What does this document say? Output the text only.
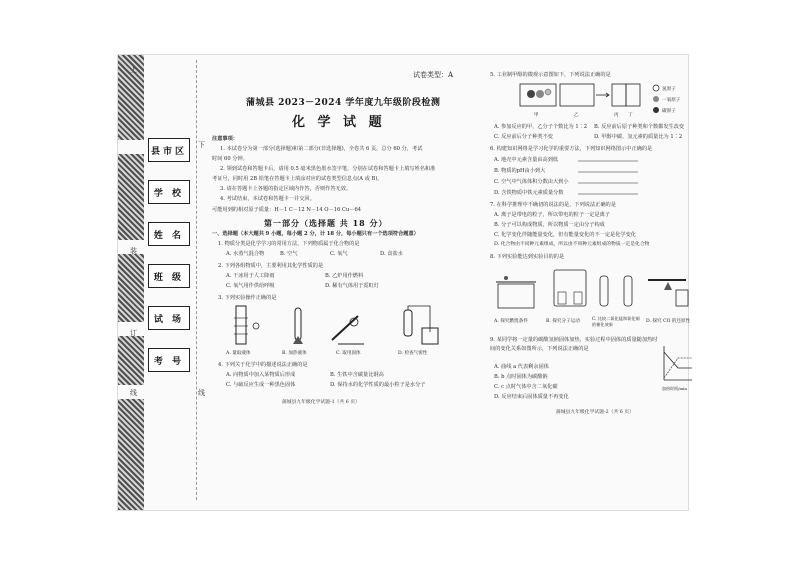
县市区
学 校
姓 名
班 级
试 场
考 号
上
下
装
订
线	线
试卷类型：A
蒲城县 2023－2024 学年度九年级阶段检测
化 学 试 题
注意事项：
1. 本试卷分为第一部分(选择题)和第二部分(非选择题)，全卷共 6 页，总分 60 分，考试
时间 60 分钟。
2. 领到试卷和答题卡后，请用 0.5 毫米黑色墨水签字笔，分别在试卷和答题卡上填写姓名和准
考证号，同时用 2B 铅笔在答题卡上填涂对应的试卷类型信息点(A 或 B)。
3. 请在答题卡上各题的指定区域内作答，否则作答无效。
4. 考试结束，本试卷和答题卡一并交回。
可能用到的相对原子质量：H－1 C－12 N－14 O－16 Cu－64
第一部分（选择题 共 18 分）
一、选择题（本大题共 9 小题，每小题 2 分，计 18 分，每小题只有一个选项符合题意）
1. 物质分类是化学学习的常用方法，下列物质属于化合物的是
A. 水蒸气混合物	B. 空气	C. 氧气	D. 食盐水
2. 下列各组物质中，主要利用其化学性质的是
A. 干冰用于人工降雨	B. 乙炉用作燃料
C. 氧气用作供给呼吸	D. 稀有气体用于霓虹灯
3. 下列实验操作正确的是
A. 量取液体	B. 加热液体	C. 取用固体	D. 检查气密性
4. 下列关于化学中的描述说法正确的是
A. 向物质中加入某物质后形成	B. 生铁中含碳量比钢高
C. 与硫反应生成一种黑色固体	D. 保持水的化学性质的最小粒子是水分子
蒲城县九年级化学试题-1（共 6 页）
5. 工业制甲醇的微观示意图如下，下列说法正确的是
甲	乙	丙 丁
氢原子
一氧原子
碳原子
A. 参加反应的甲、乙分子个数比为 1∶2 B. 反应前后原子种类和个数都发生改变
C. 反应前后分子种类不变	D. 甲醇中碳、氢元素的质量比为 1∶2
6. 构建知识网络是学习化学的重要方法，下列知识网络图示中正确的是
A. 地壳中元素含量由高到低
B. 物质的pH由小到大
C. 空气中气体体积分数由大到小
D. 含铁物质中铁元素质量分数
7. 在科学推理中不确切的说法的是，下列说法正确的是
A. 离子是带电的粒子，所以带电的粒子一定是离子
B. 分子可以构成物质，所以物质一定由分子构成
C. 化学变化伴随能量变化，但有能量变化的不一定是化学变化
D. 化合物由不同种元素组成，所以由不同种元素组成的物质一定是化合物
8. 下列实验能达到实验目的的是
A. 探究燃烧条件	B. 探究分子运动
C. 比较二氧化锰和氧化铜的催化效果
D. 探究 CO 的还原性
9. 某同学将一定量的碳酸氢钠固体加热，实验过程中固体的质量随加热时间的变化关系如图所示，下列说法正确的是
A. 曲线 a 代表剩余固体
B. b 点时固体为碳酸钠
C. c 点时气体中含二氧化碳
D. 反应结束后固体质量不再变化
加热时间/min
蒲城县九年级化学试题-2（共 6 页）
